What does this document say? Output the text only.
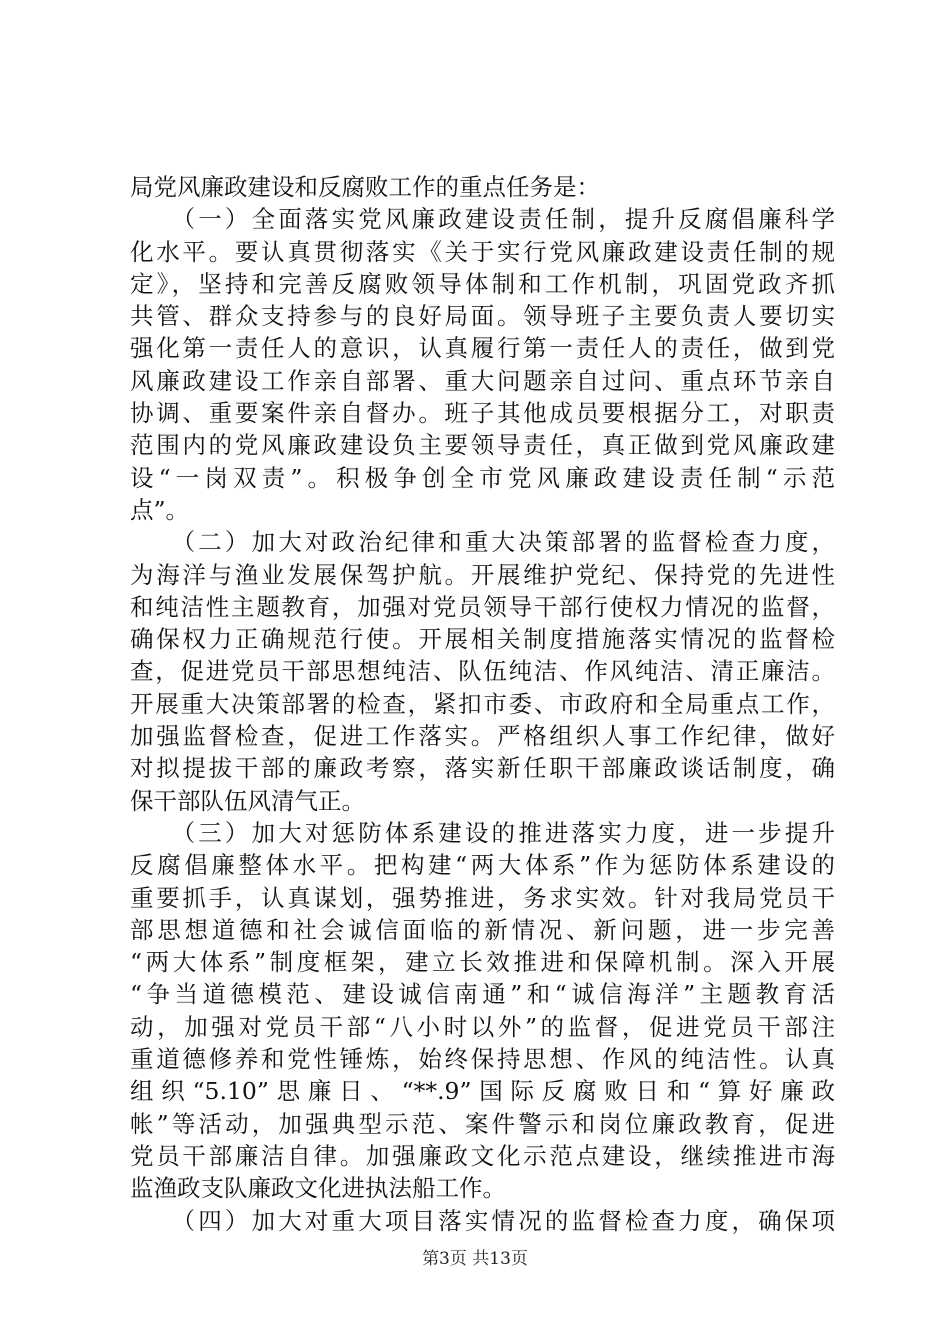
局党风廉政建设和反腐败工作的重点任务是：
　　（一）全面落实党风廉政建设责任制，提升反腐倡廉科学
化水平。要认真贯彻落实《关于实行党风廉政建设责任制的规
定》，坚持和完善反腐败领导体制和工作机制，巩固党政齐抓
共管、群众支持参与的良好局面。领导班子主要负责人要切实
强化第一责任人的意识，认真履行第一责任人的责任，做到党
风廉政建设工作亲自部署、重大问题亲自过问、重点环节亲自
协调、重要案件亲自督办。班子其他成员要根据分工，对职责
范围内的党风廉政建设负主要领导责任，真正做到党风廉政建
设“一岗双责”。积极争创全市党风廉政建设责任制“示范
点”。
　　（二）加大对政治纪律和重大决策部署的监督检查力度，
为海洋与渔业发展保驾护航。开展维护党纪、保持党的先进性
和纯洁性主题教育，加强对党员领导干部行使权力情况的监督，
确保权力正确规范行使。开展相关制度措施落实情况的监督检
查，促进党员干部思想纯洁、队伍纯洁、作风纯洁、清正廉洁。
开展重大决策部署的检查，紧扣市委、市政府和全局重点工作，
加强监督检查，促进工作落实。严格组织人事工作纪律，做好
对拟提拔干部的廉政考察，落实新任职干部廉政谈话制度，确
保干部队伍风清气正。
　　（三）加大对惩防体系建设的推进落实力度，进一步提升
反腐倡廉整体水平。把构建“两大体系”作为惩防体系建设的
重要抓手，认真谋划，强势推进，务求实效。针对我局党员干
部思想道德和社会诚信面临的新情况、新问题，进一步完善
“两大体系”制度框架，建立长效推进和保障机制。深入开展
“争当道德模范、建设诚信南通”和“诚信海洋”主题教育活
动，加强对党员干部“八小时以外”的监督，促进党员干部注
重道德修养和党性锤炼，始终保持思想、作风的纯洁性。认真
组织“5.10”思廉日、“**.9”国际反腐败日和“算好廉政
帐”等活动，加强典型示范、案件警示和岗位廉政教育，促进
党员干部廉洁自律。加强廉政文化示范点建设，继续推进市海
监渔政支队廉政文化进执法船工作。
　　（四）加大对重大项目落实情况的监督检查力度，确保项
第3页 共13页
